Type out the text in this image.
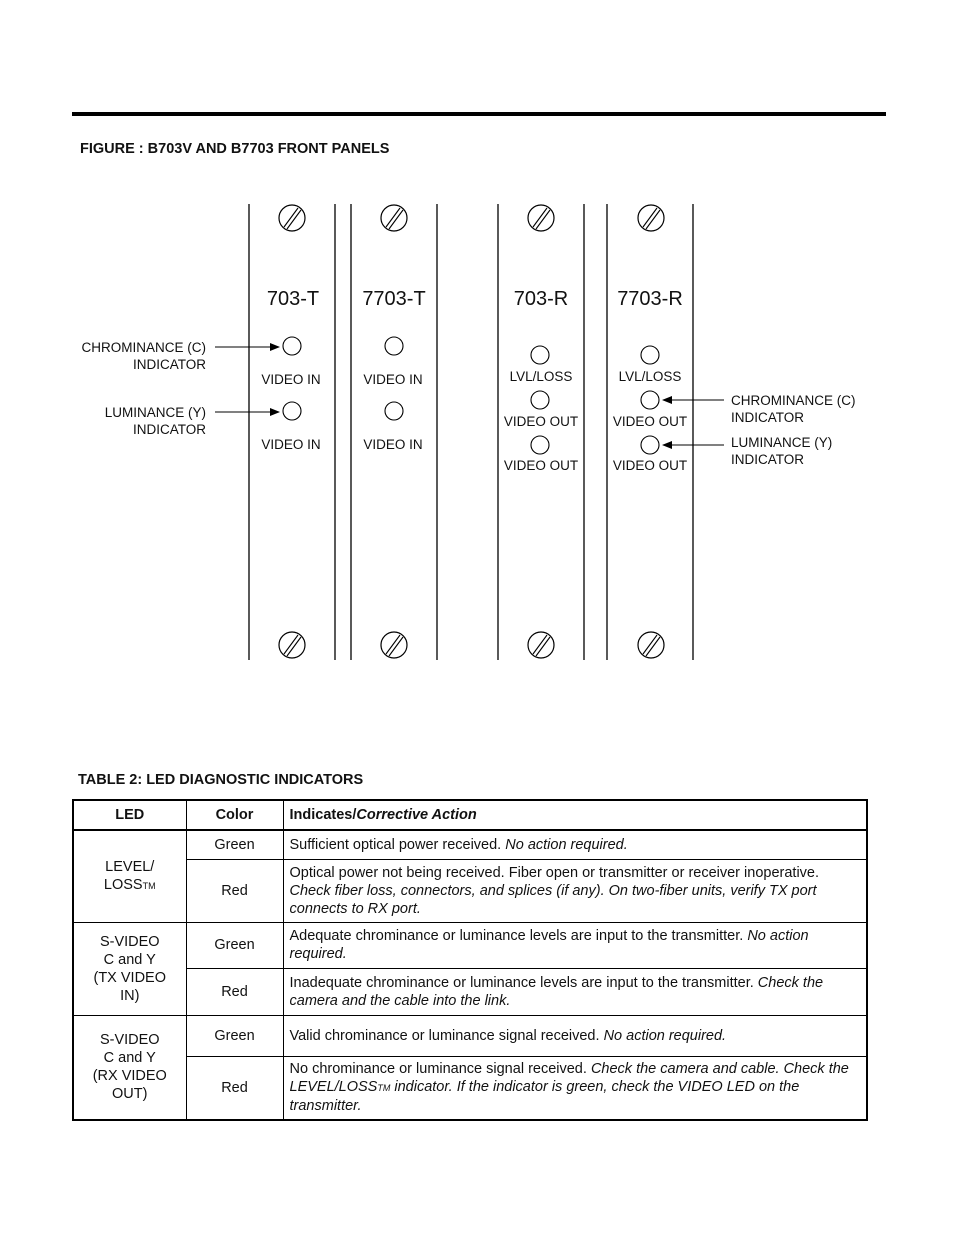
FIGURE : B703V AND B7703 FRONT PANELS
703-T 7703-T	703-R 7703-R
VIDEO IN
VIDEO IN
VIDEO IN
VIDEO IN
LVL/LOSS
VIDEO OUT
VIDEO OUT
LVL/LOSS
VIDEO OUT
VIDEO OUT
CHROMINANCE (C)
INDICATOR
LUMINANCE (Y)
INDICATOR
CHROMINANCE (C)
INDICATOR
LUMINANCE (Y)
INDICATOR
TABLE 2: LED DIAGNOSTIC INDICATORS
LED	Color	Indicates/Corrective Action

LEVEL/
LOSSTM	Green	Sufficient optical power received. No action required.
	Red	Optical power not being received. Fiber open or transmitter or receiver inoperative. Check fiber loss, connectors, and splices (if any). On two-fiber units, verify TX port connects to RX port.

S-VIDEO
C and Y
(TX VIDEO
IN)	Green	Adequate chrominance or luminance levels are input to the transmitter. No action required.
	Red	Inadequate chrominance or luminance levels are input to the transmitter. Check the camera and the cable into the link.

S-VIDEO
C and Y
(RX VIDEO
OUT)	Green	Valid chrominance or luminance signal received. No action required.
	Red	No chrominance or luminance signal received. Check the camera and cable. Check the LEVEL/LOSSTM indicator. If the indicator is green, check the VIDEO LED on the transmitter.
